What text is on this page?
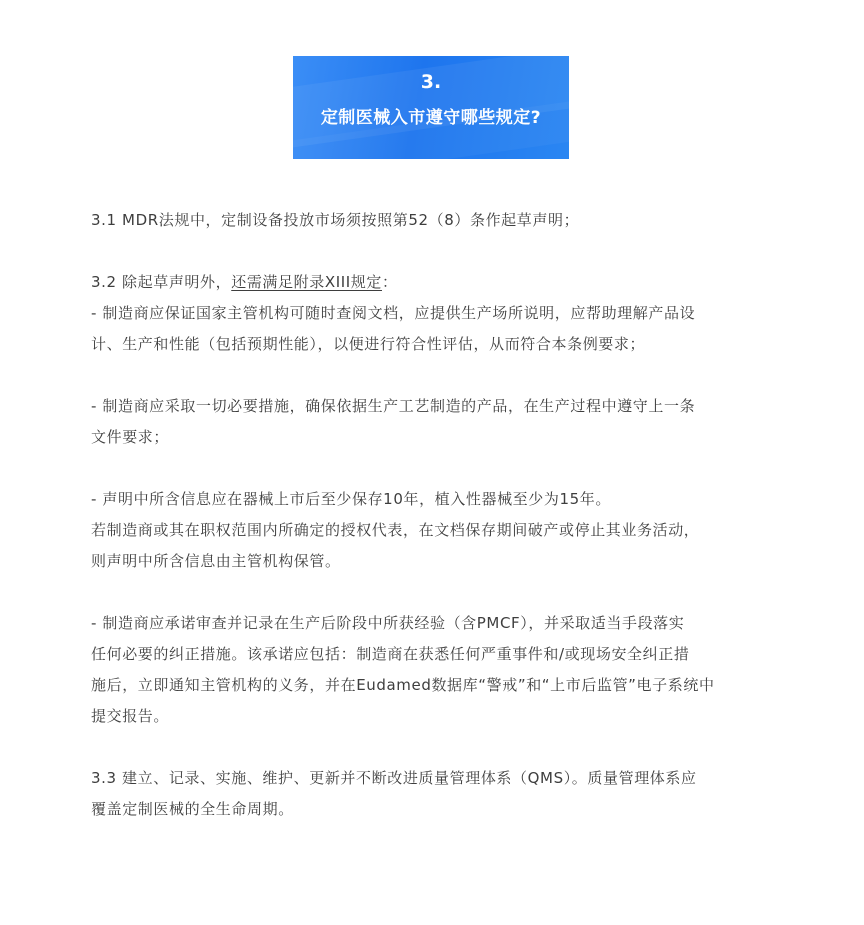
3.
定制医械入市遵守哪些规定?

3.1 MDR法规中，定制设备投放市场须按照第52（8）条作起草声明；

3.2 除起草声明外，还需满足附录XIII规定：

- 制造商应保证国家主管机构可随时查阅文档，应提供生产场所说明，应帮助理解产品设

计、生产和性能（包括预期性能），以便进行符合性评估，从而符合本条例要求；

- 制造商应采取一切必要措施，确保依据生产工艺制造的产品，在生产过程中遵守上一条

文件要求；

- 声明中所含信息应在器械上市后至少保存10年，植入性器械至少为15年。

若制造商或其在职权范围内所确定的授权代表，在文档保存期间破产或停止其业务活动，

则声明中所含信息由主管机构保管。

- 制造商应承诺审查并记录在生产后阶段中所获经验（含PMCF），并采取适当手段落实

任何必要的纠正措施。该承诺应包括：制造商在获悉任何严重事件和/或现场安全纠正措

施后，立即通知主管机构的义务，并在Eudamed数据库“警戒”和“上市后监管”电子系统中

提交报告。

3.3 建立、记录、实施、维护、更新并不断改进质量管理体系（QMS）。质量管理体系应

覆盖定制医械的全生命周期。
